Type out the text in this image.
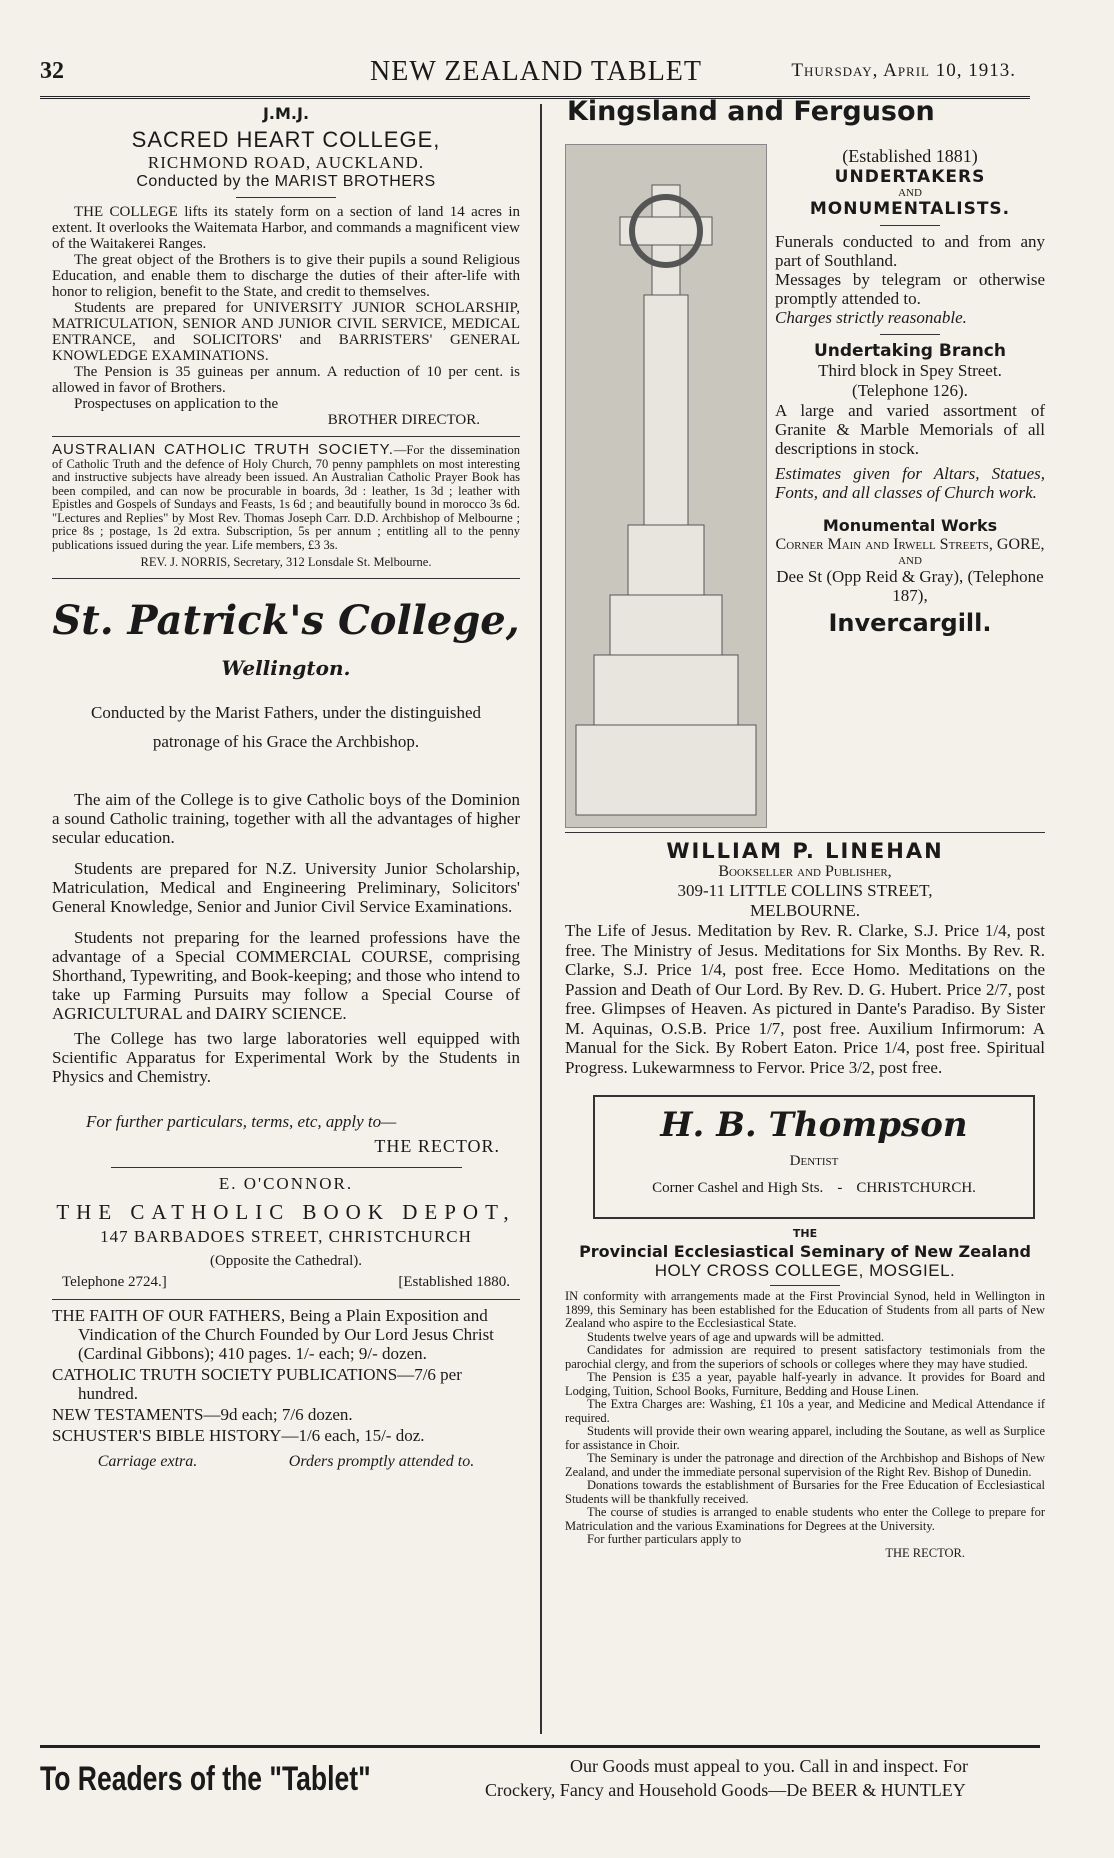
32	NEW ZEALAND TABLET	Thursday, April 10, 1913.

J.M.J.

SACRED HEART COLLEGE,

RICHMOND ROAD, AUCKLAND.

Conducted by the MARIST BROTHERS

THE COLLEGE lifts its stately form on a section of land 14 acres in extent. It overlooks the Waitemata Harbor, and commands a magnificent view of the Waitakerei Ranges.

The great object of the Brothers is to give their pupils a sound Religious Education, and enable them to discharge the duties of their after-life with honor to religion, benefit to the State, and credit to themselves.

Students are prepared for UNIVERSITY JUNIOR SCHOLARSHIP, MATRICULATION, SENIOR AND JUNIOR CIVIL SERVICE, MEDICAL ENTRANCE, and SOLICITORS' and BARRISTERS' GENERAL KNOWLEDGE EXAMINATIONS.

The Pension is 35 guineas per annum. A reduction of 10 per cent. is allowed in favor of Brothers.

Prospectuses on application to the

BROTHER DIRECTOR.

AUSTRALIAN CATHOLIC TRUTH SOCIETY.—For the dissemination of Catholic Truth and the defence of Holy Church, 70 penny pamphlets on most interesting and instructive subjects have already been issued. An Australian Catholic Prayer Book has been compiled, and can now be procurable in boards, 3d : leather, 1s 3d ; leather with Epistles and Gospels of Sundays and Feasts, 1s 6d ; and beautifully bound in morocco 3s 6d. "Lectures and Replies" by Most Rev. Thomas Joseph Carr. D.D. Archbishop of Melbourne ; price 8s ; postage, 1s 2d extra. Subscription, 5s per annum ; entitling all to the penny publications issued during the year. Life members, £3 3s.

REV. J. NORRIS, Secretary, 312 Lonsdale St. Melbourne.

St. Patrick's College,

Wellington.

Conducted by the Marist Fathers, under the distinguished patronage of his Grace the Archbishop.

The aim of the College is to give Catholic boys of the Dominion a sound Catholic training, together with all the advantages of higher secular education.

Students are prepared for N.Z. University Junior Scholarship, Matriculation, Medical and Engineering Preliminary, Solicitors' General Knowledge, Senior and Junior Civil Service Examinations.

Students not preparing for the learned professions have the advantage of a Special COMMERCIAL COURSE, comprising Shorthand, Typewriting, and Book-keeping; and those who intend to take up Farming Pursuits may follow a Special Course of AGRICULTURAL and DAIRY SCIENCE.

The College has two large laboratories well equipped with Scientific Apparatus for Experimental Work by the Students in Physics and Chemistry.

For further particulars, terms, etc, apply to—

THE RECTOR.

E. O'CONNOR.

THE CATHOLIC BOOK DEPOT,

147 BARBADOES STREET, CHRISTCHURCH

(Opposite the Cathedral).

Telephone 2724.]	[Established 1880.

THE FAITH OF OUR FATHERS, Being a Plain Exposition and Vindication of the Church Founded by Our Lord Jesus Christ (Cardinal Gibbons); 410 pages. 1/- each; 9/- dozen.

CATHOLIC TRUTH SOCIETY PUBLICATIONS—7/6 per hundred.

NEW TESTAMENTS—9d each; 7/6 dozen.

SCHUSTER'S BIBLE HISTORY—1/6 each, 15/- doz.

Carriage extra.	Orders promptly attended to.

Kingsland and Ferguson

(Established 1881)

UNDERTAKERS

AND

MONUMENTALISTS.

Funerals conducted to and from any part of Southland.

Messages by telegram or otherwise promptly attended to.

Charges strictly reasonable.

Undertaking Branch

Third block in Spey Street.

(Telephone 126).

A large and varied assortment of Granite & Marble Memorials of all descriptions in stock.

Estimates given for Altars, Statues, Fonts, and all classes of Church work.

Monumental Works

Corner Main and Irwell Streets, GORE,

AND

Dee St (Opp Reid & Gray), (Telephone 187),

Invercargill.

WILLIAM P. LINEHAN

Bookseller and Publisher,

309-11 LITTLE COLLINS STREET,

MELBOURNE.

The Life of Jesus. Meditation by Rev. R. Clarke, S.J. Price 1/4, post free. The Ministry of Jesus. Meditations for Six Months. By Rev. R. Clarke, S.J. Price 1/4, post free. Ecce Homo. Meditations on the Passion and Death of Our Lord. By Rev. D. G. Hubert. Price 2/7, post free. Glimpses of Heaven. As pictured in Dante's Paradiso. By Sister M. Aquinas, O.S.B. Price 1/7, post free. Auxilium Infirmorum: A Manual for the Sick. By Robert Eaton. Price 1/4, post free. Spiritual Progress. Lukewarmness to Fervor. Price 3/2, post free.

H. B. Thompson

Dentist

Corner Cashel and High Sts. - CHRISTCHURCH.

THE

Provincial Ecclesiastical Seminary of New Zealand

HOLY CROSS COLLEGE, MOSGIEL.

IN conformity with arrangements made at the First Provincial Synod, held in Wellington in 1899, this Seminary has been established for the Education of Students from all parts of New Zealand who aspire to the Ecclesiastical State.

Students twelve years of age and upwards will be admitted.

Candidates for admission are required to present satisfactory testimonials from the parochial clergy, and from the superiors of schools or colleges where they may have studied.

The Pension is £35 a year, payable half-yearly in advance. It provides for Board and Lodging, Tuition, School Books, Furniture, Bedding and House Linen.

The Extra Charges are: Washing, £1 10s a year, and Medicine and Medical Attendance if required.

Students will provide their own wearing apparel, including the Soutane, as well as Surplice for assistance in Choir.

The Seminary is under the patronage and direction of the Archbishop and Bishops of New Zealand, and under the immediate personal supervision of the Right Rev. Bishop of Dunedin.

Donations towards the establishment of Bursaries for the Free Education of Ecclesiastical Students will be thankfully received.

The course of studies is arranged to enable students who enter the College to prepare for Matriculation and the various Examinations for Degrees at the University.

For further particulars apply to

THE RECTOR.

To Readers of the "Tablet"	Our Goods must appeal to you. Call in and inspect. For

Crockery, Fancy and Household Goods—De BEER & HUNTLEY
